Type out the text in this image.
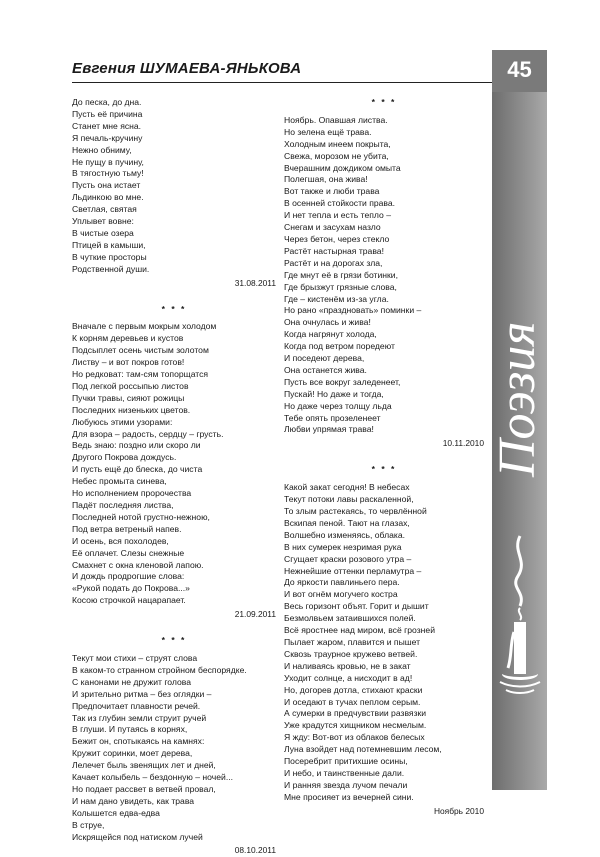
Евгения ШУМАЕВА-ЯНЬКОВА	45
Поэзия
До песка, до дна.
Пусть её причина
Станет мне ясна.
Я печаль-кручину
Нежно обниму,
Не пущу в пучину,
В тягостную тьму!
Пусть она истает
Льдинкою во мне.
Светлая, святая
Уплывет вовне:
В чистые озера
Птицей в камыши,
В чуткие просторы
Родственной души.
31.08.2011
* * *
Вначале с первым мокрым холодом
К корням деревьев и кустов
Подсыплет осень чистым золотом
Листву – и вот покров готов!
Но редковат: там-сям топорщатся
Под легкой россыпью листов
Пучки травы, сияют рожицы
Последних низеньких цветов.
Любуюсь этими узорами:
Для взора – радость, сердцу – грусть.
Ведь знаю: поздно или скоро ли
Другого Покрова дождусь.
И пусть ещё до блеска, до чиста
Небес промыта синева,
Но исполнением пророчества
Падёт последняя листва,
Последней нотой грустно-нежною,
Под ветра ветреный напев.
И осень, вся похолодев,
Её оплачет. Слезы снежные
Смахнет с окна кленовой лапою.
И дождь продрогшие слова:
«Рукой подать до Покрова...»
Косою строчкой нацарапает.
21.09.2011
* * *
Текут мои стихи – струят слова
В каком-то странном стройном беспорядке.
С канонами не дружит голова
И зрительно ритма – без оглядки –
Предпочитает плавности речей.
Так из глубин земли струит ручей
В глуши. И путаясь в корнях,
Бежит он, спотыкаясь на камнях:
Кружит соринки, моет дерева,
Лелечет быль звенящих лет и дней,
Качает колыбель – бездонную – ночей...
Но подает рассвет в ветвей провал,
И нам дано увидеть, как трава
Колышется едва-едва
В струе,
Искрящейся под натиском лучей
08.10.2011
* * *
Ноябрь. Опавшая листва.
Но зелена ещё трава.
Холодным инеем покрыта,
Свежа, морозом не убита,
Вчерашним дождиком омыта
Полегшая, она жива!
Вот также и люби трава
В осенней стойкости права.
И нет тепла и есть тепло –
Снегам и засухам назло
Через бетон, через стекло
Растёт настырная трава!
Растёт и на дорогах зла,
Где мнут её в грязи ботинки,
Где брызжут грязные слова,
Где – кистенём из-за угла.
Но рано «праздновать» поминки –
Она очнулась и жива!
Когда нагрянут холода,
Когда под ветром поредеют
И поседеют дерева,
Она останется жива.
Пусть все вокруг заледенеет,
Пускай! Но даже и тогда,
Но даже через толщу льда
Тебе опять прозеленеет
Любви упрямая трава!
10.11.2010
* * *
Какой закат сегодня! В небесах
Текут потоки лавы раскаленной,
То злым растекаясь, то червлённой
Вскипая пеной. Тают на глазах,
Волшебно изменяясь, облака.
В них сумерек незримая рука
Сгущает краски розового утра –
Нежнейшие оттенки перламутра –
До яркости павлиньего пера.
И вот огнём могучего костра
Весь горизонт объят. Горит и дышит
Безмолвьем затаившихся полей.
Всё яростнее над миром, всё грозней
Пылает жаром, плавится и пышет
Сквозь траурное кружево ветвей.
И наливаясь кровью, не в закат
Уходит солнце, а нисходит в ад!
Но, догорев дотла, стихают краски
И оседают в тучах пеплом серым.
А сумерки в предчувствии развязки
Уже крадутся хищником несмелым.
Я жду: Вот-вот из облаков белесых
Луна взойдет над потемневшим лесом,
Посеребрит притихшие осины,
И небо, и таинственные дали.
И ранняя звезда лучом печали
Мне просияет из вечерней сини.
Ноябрь 2010
